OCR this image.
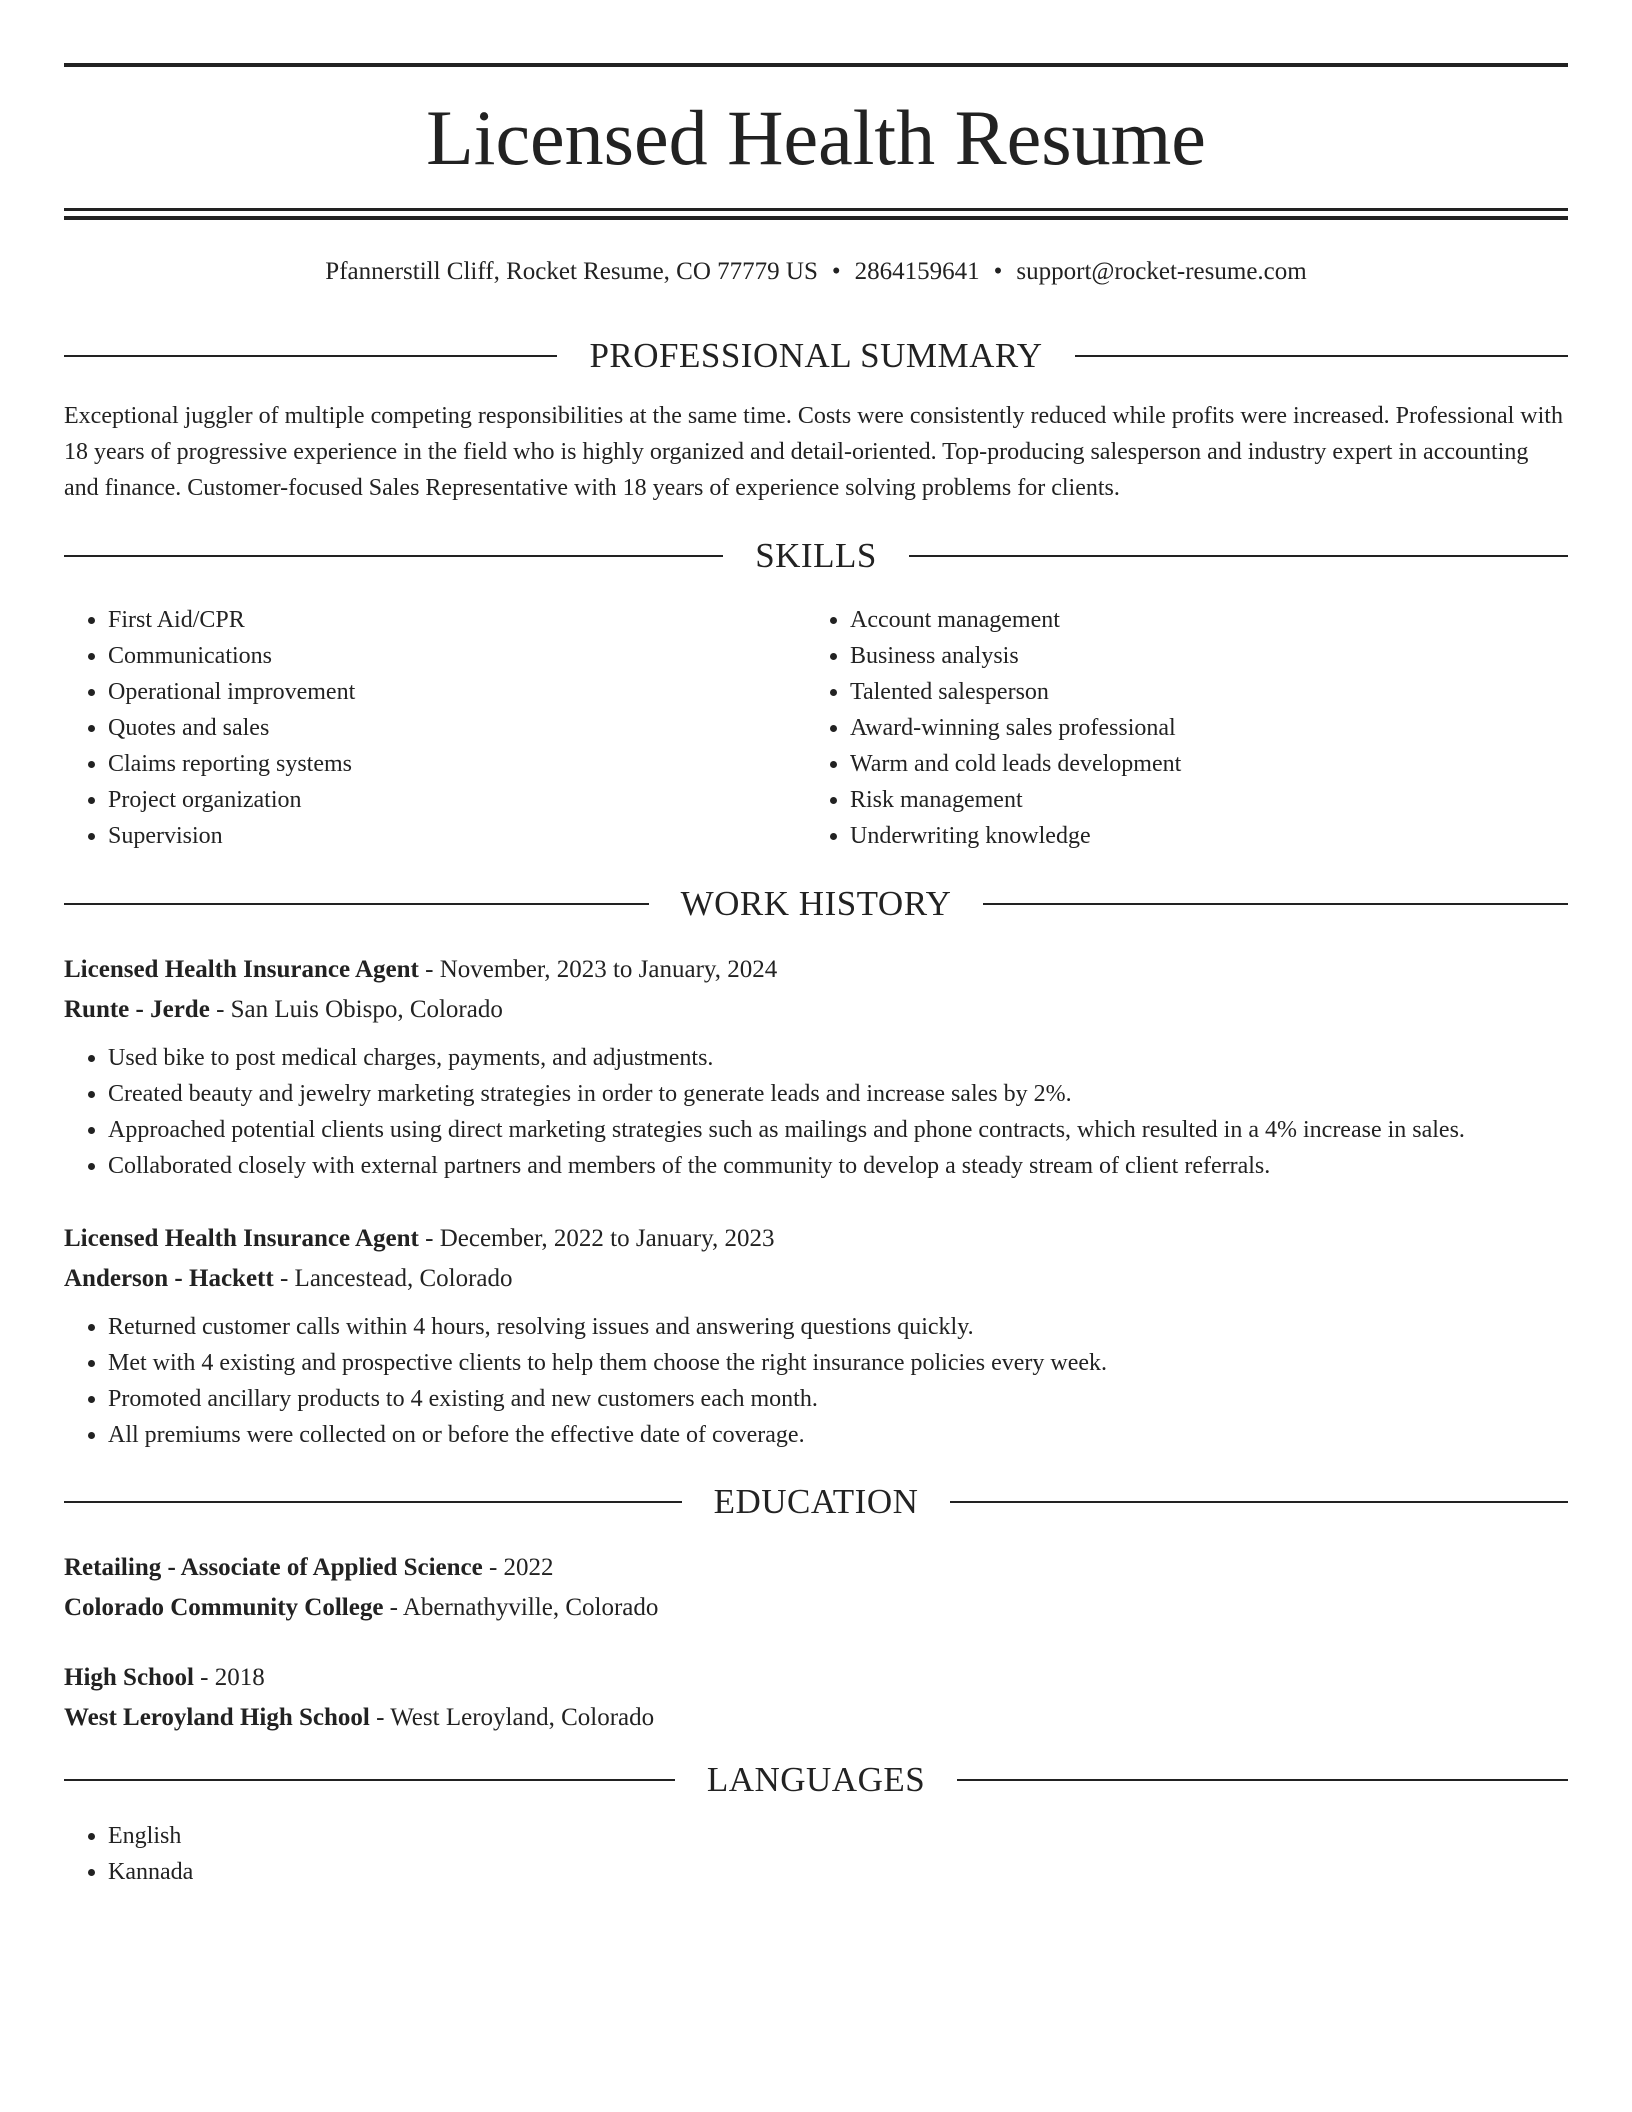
Licensed Health Resume
Pfannerstill Cliff, Rocket Resume, CO 77779 US • 2864159641 • support@rocket-resume.com
PROFESSIONAL SUMMARY

Exceptional juggler of multiple competing responsibilities at the same time. Costs were consistently reduced while profits were increased. Professional with 18 years of progressive experience in the field who is highly organized and detail-oriented. Top-producing salesperson and industry expert in accounting and finance. Customer-focused Sales Representative with 18 years of experience solving problems for clients.

SKILLS
• First Aid/CPR
• Communications
• Operational improvement
• Quotes and sales
• Claims reporting systems
• Project organization
• Supervision
• Account management
• Business analysis
• Talented salesperson
• Award-winning sales professional
• Warm and cold leads development
• Risk management
• Underwriting knowledge
WORK HISTORY
Licensed Health Insurance Agent - November, 2023 to January, 2024
Runte - Jerde - San Luis Obispo, Colorado
• Used bike to post medical charges, payments, and adjustments.
• Created beauty and jewelry marketing strategies in order to generate leads and increase sales by 2%.
• Approached potential clients using direct marketing strategies such as mailings and phone contracts, which resulted in a 4% increase in sales.
• Collaborated closely with external partners and members of the community to develop a steady stream of client referrals.
Licensed Health Insurance Agent - December, 2022 to January, 2023
Anderson - Hackett - Lancestead, Colorado
• Returned customer calls within 4 hours, resolving issues and answering questions quickly.
• Met with 4 existing and prospective clients to help them choose the right insurance policies every week.
• Promoted ancillary products to 4 existing and new customers each month.
• All premiums were collected on or before the effective date of coverage.
EDUCATION
Retailing - Associate of Applied Science - 2022
Colorado Community College - Abernathyville, Colorado
High School - 2018
West Leroyland High School - West Leroyland, Colorado
LANGUAGES
• English
• Kannada
